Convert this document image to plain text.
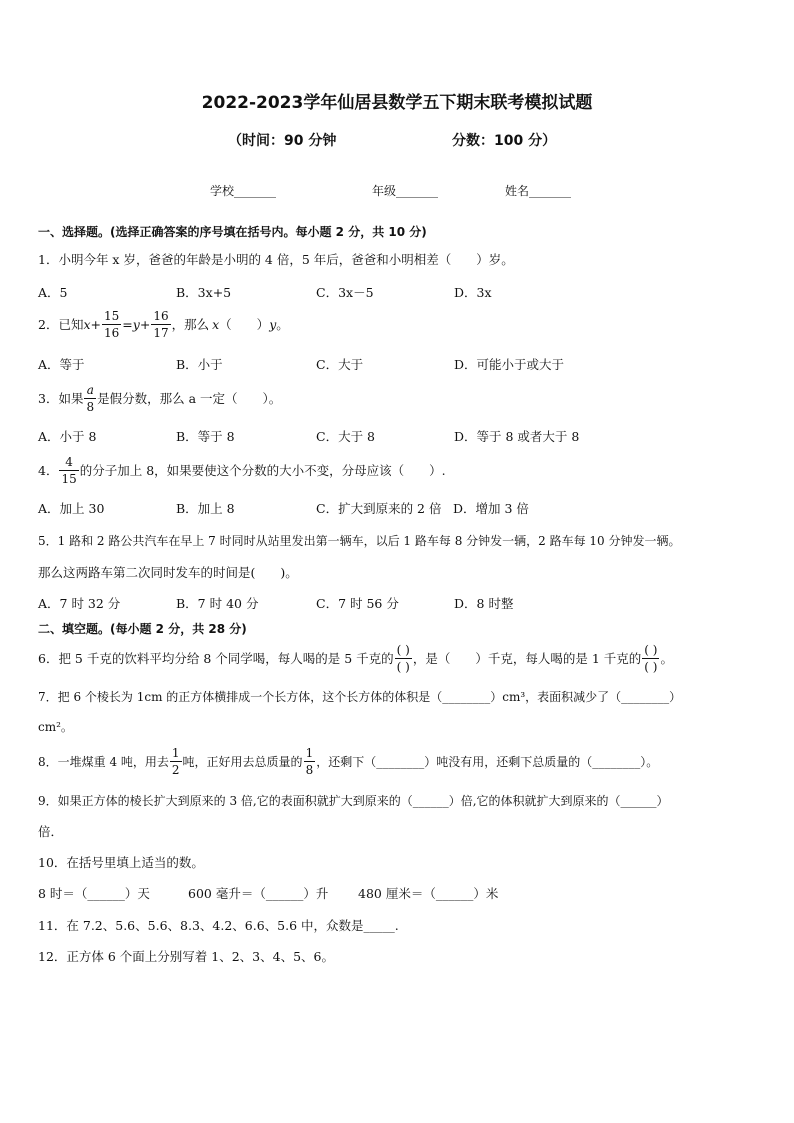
2022-2023学年仙居县数学五下期末联考模拟试题
（时间：90 分钟	分数：100 分）
学校_______	年级_______	姓名_______
一、选择题。(选择正确答案的序号填在括号内。每小题 2 分，共 10 分)
1．小明今年 x 岁，爸爸的年龄是小明的 4 倍，5 年后，爸爸和小明相差（　　）岁。
A．5	B．3x+5	C．3x－5	D．3x
2．已知 $x + \frac{15}{16} = y + \frac{16}{17}$ ，那么 x （　　） y 。
A．等于	B．小于	C．大于	D．可能小于或大于
3．如果 $\frac{a}{8}$ 是假分数，那么 a 一定（　　）。
A．小于 8	B．等于 8	C．大于 8	D．等于 8 或者大于 8
4． $\frac{4}{15}$ 的分子加上 8，如果要使这个分数的大小不变，分母应该（　　）.
A．加上 30	B．加上 8	C．扩大到原来的 2 倍 D．增加 3 倍
5．1 路和 2 路公共汽车在早上 7 时同时从站里发出第一辆车，以后 1 路车每 8 分钟发一辆，2 路车每 10 分钟发一辆。
那么这两路车第二次同时发车的时间是(　　)。
A．7 时 32 分	B．7 时 40 分	C．7 时 56 分	D．8 时整
二、填空题。(每小题 2 分，共 28 分)
6．把 5 千克的饮料平均分给 8 个同学喝，每人喝的是 5 千克的 $\frac{( )}{( )}$ ，是（　　）千克，每人喝的是 1 千克的 $\frac{( )}{( )}$ 。
7．把 6 个棱长为 1cm 的正方体横排成一个长方体，这个长方体的体积是（________）cm³，表面积减少了（________）
cm²。
8．一堆煤重 4 吨，用去 $\frac{1}{2}$ 吨，正好用去总质量的 $\frac{1}{8}$ ，还剩下（________）吨没有用，还剩下总质量的（________）。
9．如果正方体的棱长扩大到原来的 3 倍,它的表面积就扩大到原来的（______）倍,它的体积就扩大到原来的（______）
倍．
10．在括号里填上适当的数。
8 时＝（______）天	600 毫升＝（______）升 480 厘米＝（______）米
11．在 7.2、5.6、5.6、8.3、4.2、6.6、5.6 中，众数是_____.
12．正方体 6 个面上分别写着 1、2、3、4、5、6。
